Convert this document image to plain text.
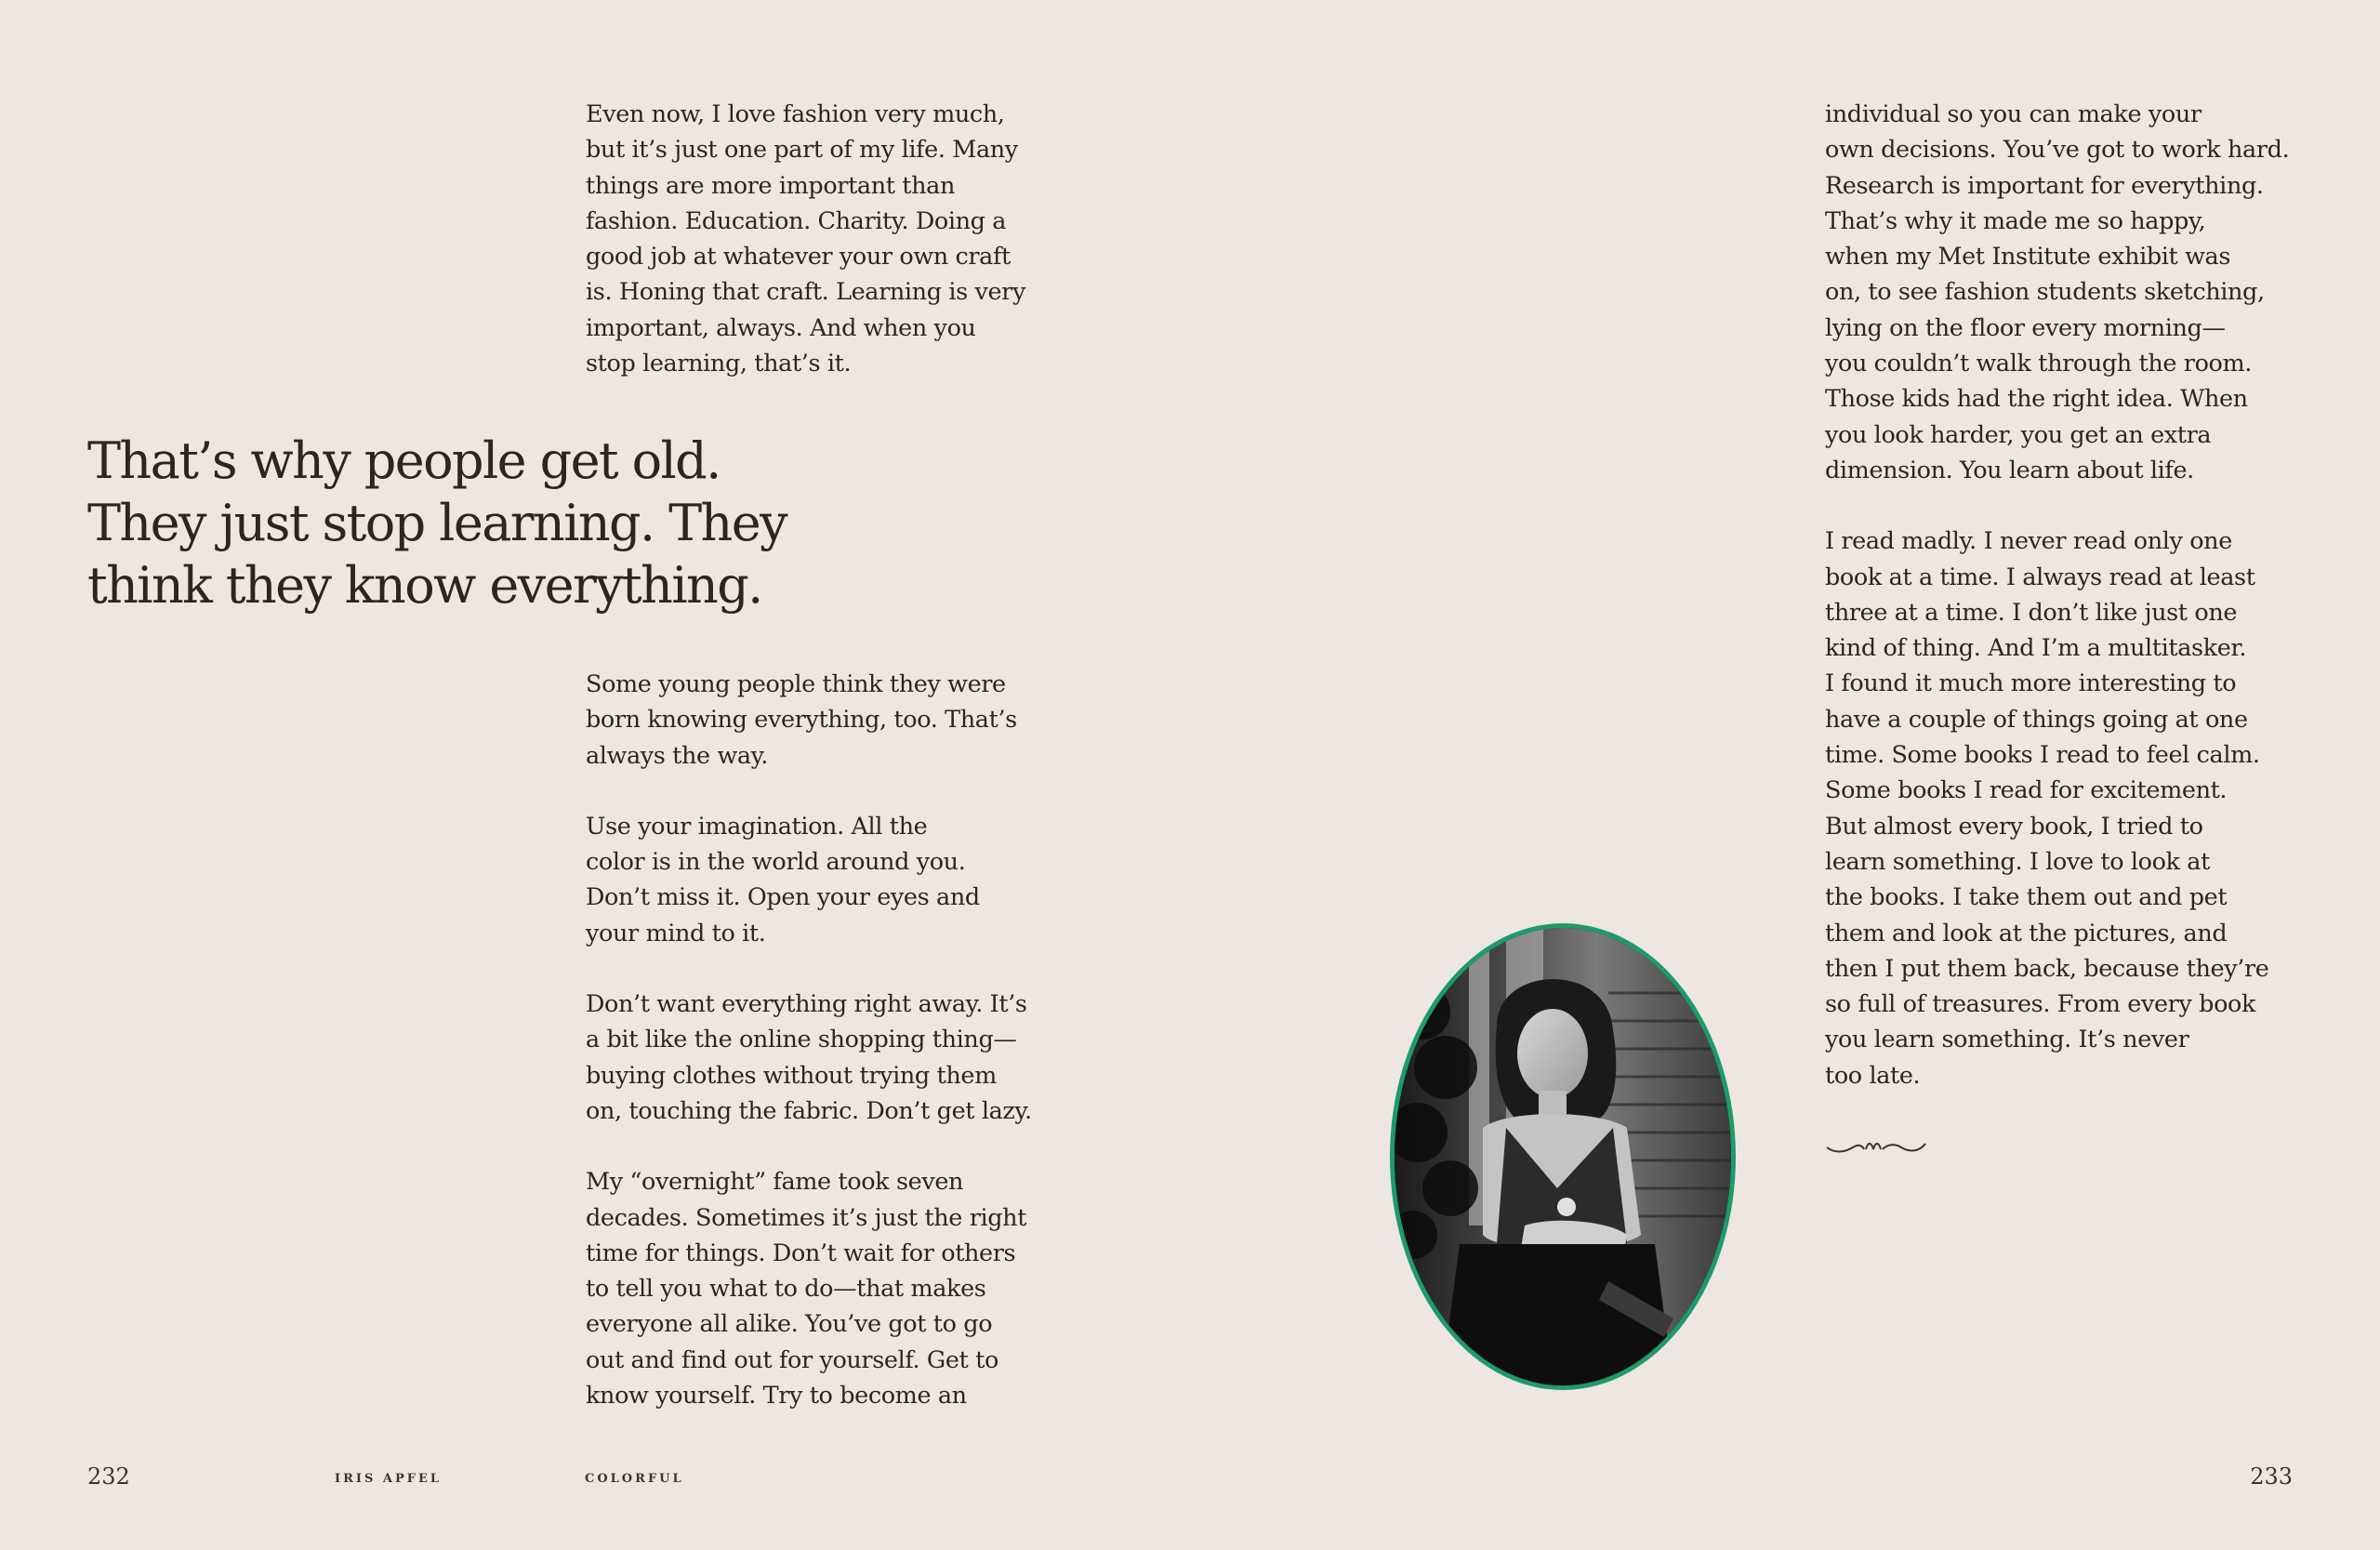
Even now, I love fashion very much,
but it’s just one part of my life. Many
things are more important than
fashion. Education. Charity. Doing a
good job at whatever your own craft
is. Honing that craft. Learning is very
important, always. And when you
stop learning, that’s it.

That’s why people get old.
They just stop learning. They
think they know everything.

Some young people think they were
born knowing everything, too. That’s
always the way.

Use your imagination. All the
color is in the world around you.
Don’t miss it. Open your eyes and
your mind to it.

Don’t want everything right away. It’s
a bit like the online shopping thing—
buying clothes without trying them
on, touching the fabric. Don’t get lazy.

My “overnight” fame took seven
decades. Sometimes it’s just the right
time for things. Don’t wait for others
to tell you what to do—that makes
everyone all alike. You’ve got to go
out and find out for yourself. Get to
know yourself. Try to become an

232	IRIS APFEL	COLORFUL

individual so you can make your
own decisions. You’ve got to work hard.
Research is important for everything.
That’s why it made me so happy,
when my Met Institute exhibit was
on, to see fashion students sketching,
lying on the floor every morning—
you couldn’t walk through the room.
Those kids had the right idea. When
you look harder, you get an extra
dimension. You learn about life.

I read madly. I never read only one
book at a time. I always read at least
three at a time. I don’t like just one
kind of thing. And I’m a multitasker.
I found it much more interesting to
have a couple of things going at one
time. Some books I read to feel calm.
Some books I read for excitement.
But almost every book, I tried to
learn something. I love to look at
the books. I take them out and pet
them and look at the pictures, and
then I put them back, because they’re
so full of treasures. From every book
you learn something. It’s never
too late.

233
